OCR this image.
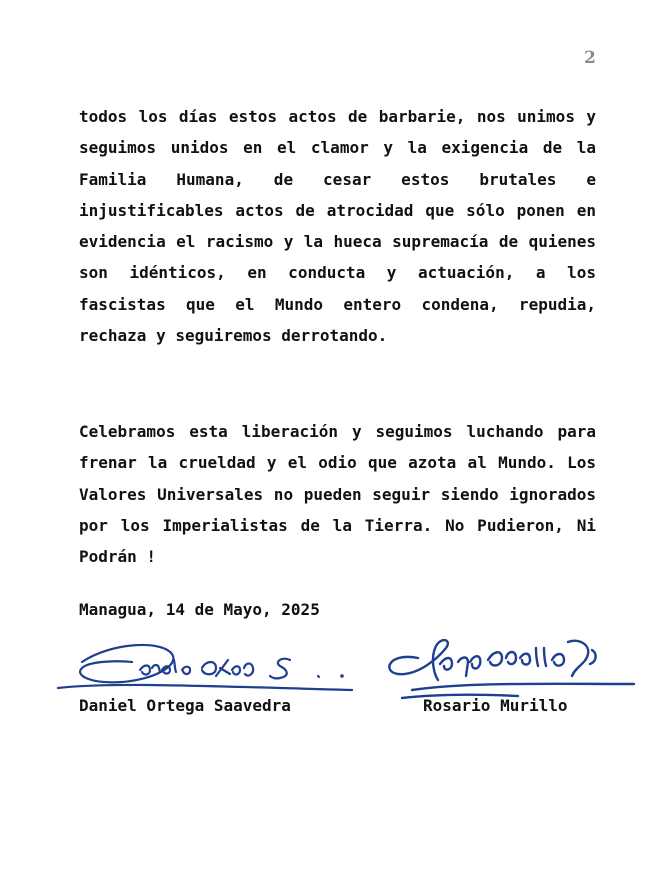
2

todos los días estos actos de barbarie, nos unimos y seguimos unidos en el clamor y la exigencia de la Familia Humana, de cesar estos brutales e injustificables actos de atrocidad que sólo ponen en evidencia el racismo y la hueca supremacía de quienes son idénticos, en conducta y actuación, a los fascistas que el Mundo entero condena, repudia, rechaza y seguiremos derrotando.

Celebramos esta liberación y seguimos luchando para frenar la crueldad y el odio que azota al Mundo. Los Valores Universales no pueden seguir siendo ignorados por los Imperialistas de la Tierra. No Pudieron, Ni Podrán !

Managua, 14 de Mayo, 2025
Daniel Ortega Saavedra	Rosario Murillo
